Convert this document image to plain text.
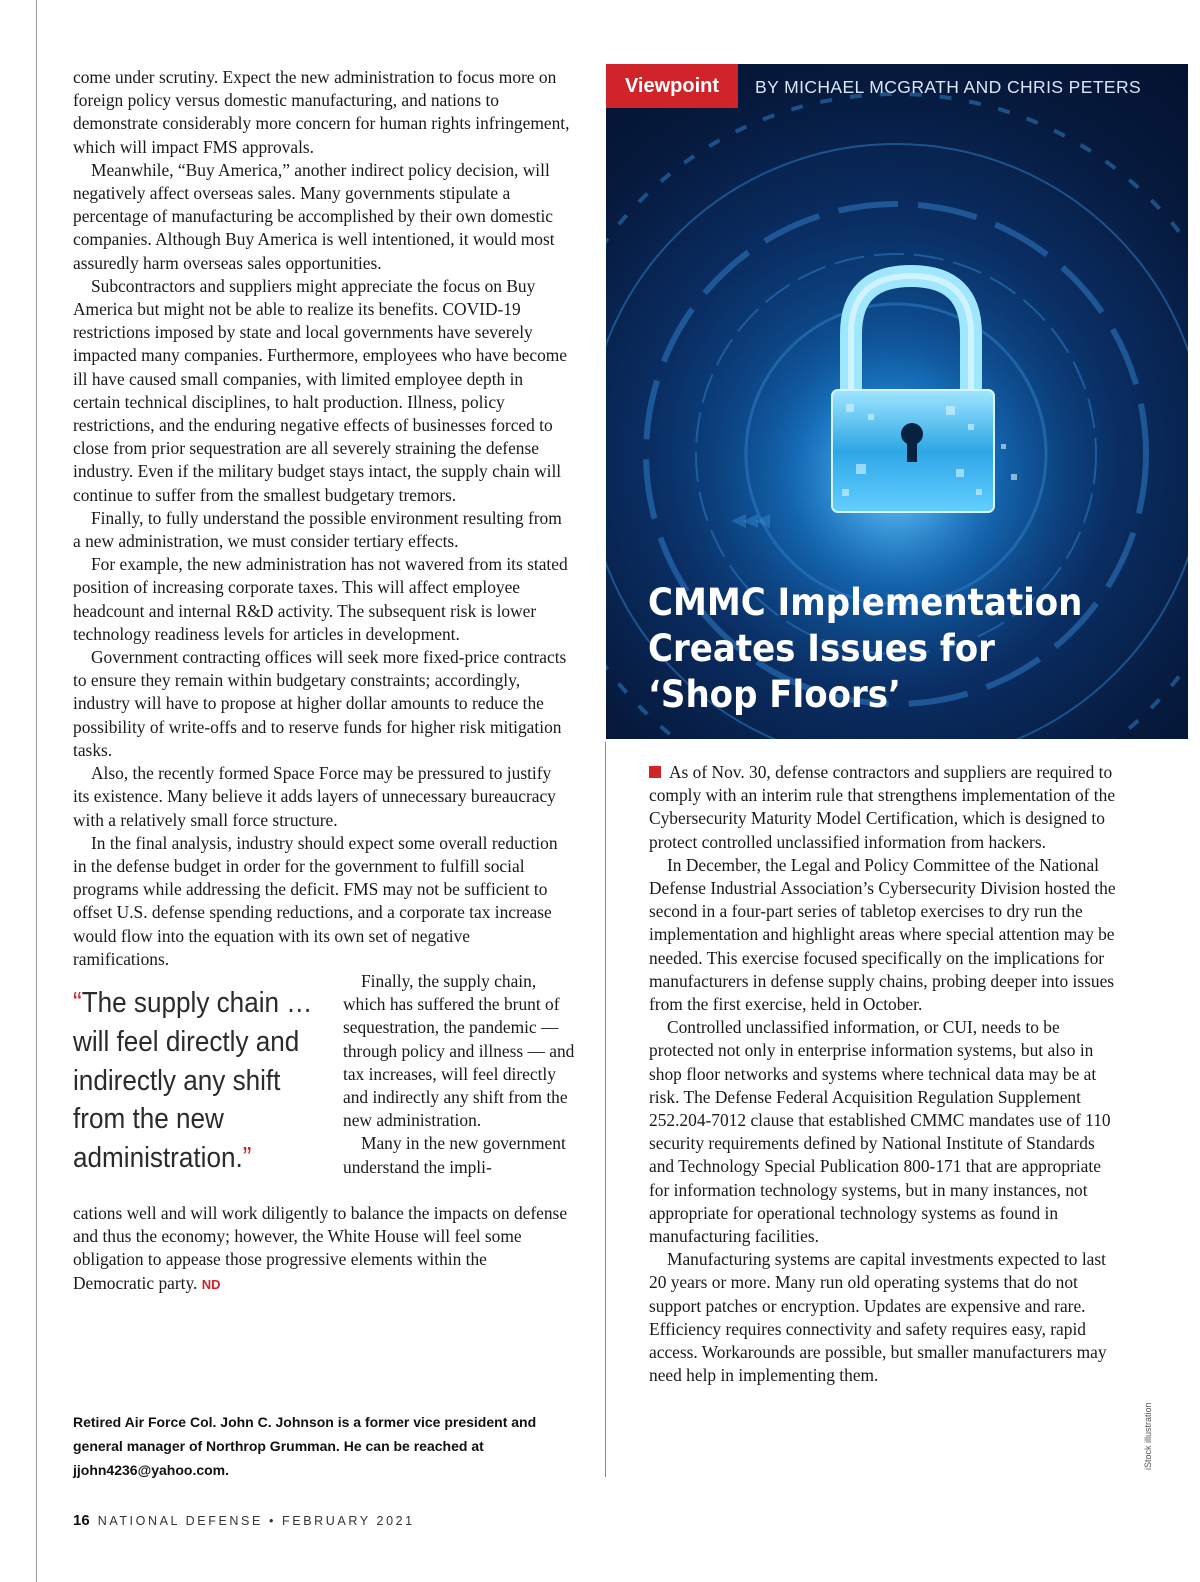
come under scrutiny. Expect the new administration to focus more on foreign policy versus domestic manufacturing, and nations to demonstrate considerably more concern for human rights infringement, which will impact FMS approvals.

Meanwhile, “Buy America,” another indirect policy decision, will negatively affect overseas sales. Many governments stipulate a percentage of manufacturing be accomplished by their own domestic companies. Although Buy America is well intentioned, it would most assuredly harm overseas sales opportunities.

Subcontractors and suppliers might appreciate the focus on Buy America but might not be able to realize its benefits. COVID-19 restrictions imposed by state and local governments have severely impacted many companies. Furthermore, employees who have become ill have caused small companies, with limited employee depth in certain technical disciplines, to halt production. Illness, policy restrictions, and the enduring negative effects of businesses forced to close from prior sequestration are all severely straining the defense industry. Even if the military budget stays intact, the supply chain will continue to suffer from the smallest budgetary tremors.

Finally, to fully understand the possible environment resulting from a new administration, we must consider tertiary effects.

For example, the new administration has not wavered from its stated position of increasing corporate taxes. This will affect employee headcount and internal R&D activity. The subsequent risk is lower technology readiness levels for articles in development.

Government contracting offices will seek more fixed-price contracts to ensure they remain within budgetary constraints; accordingly, industry will have to propose at higher dollar amounts to reduce the possibility of write-offs and to reserve funds for higher risk mitigation tasks.

Also, the recently formed Space Force may be pressured to justify its existence. Many believe it adds layers of unnecessary bureaucracy with a relatively small force structure.

In the final analysis, industry should expect some overall reduction in the defense budget in order for the government to fulfill social programs while addressing the deficit. FMS may not be sufficient to offset U.S. defense spending reductions, and a corporate tax increase would flow into the equation with its own set of negative ramifications.

“The supply chain … will feel directly and indirectly any shift from the new administration.”

Finally, the supply chain, which has suffered the brunt of sequestration, the pandemic — through policy and illness — and tax increases, will feel directly and indirectly any shift from the new administration.

Many in the new government understand the impli-

cations well and will work diligently to balance the impacts on defense and thus the economy; however, the White House will feel some obligation to appease those progressive elements within the Democratic party. ND

Retired Air Force Col. John C. Johnson is a former vice president and general manager of Northrop Grumman. He can be reached at jjohn4236@yahoo.com.
16 NATIONAL DEFENSE • FEBRUARY 2021
Viewpoint	BY MICHAEL MCGRATH AND CHRIS PETERS
CMMC Implementation
Creates Issues for
‘Shop Floors’

As of Nov. 30, defense contractors and suppliers are required to comply with an interim rule that strengthens implementation of the Cybersecurity Maturity Model Certification, which is designed to protect controlled unclassified information from hackers.

In December, the Legal and Policy Committee of the National Defense Industrial Association’s Cybersecurity Division hosted the second in a four-part series of tabletop exercises to dry run the implementation and highlight areas where special attention may be needed. This exercise focused specifically on the implications for manufacturers in defense supply chains, probing deeper into issues from the first exercise, held in October.

Controlled unclassified information, or CUI, needs to be protected not only in enterprise information systems, but also in shop floor networks and systems where technical data may be at risk. The Defense Federal Acquisition Regulation Supplement 252.204-7012 clause that established CMMC mandates use of 110 security requirements defined by National Institute of Standards and Technology Special Publication 800-171 that are appropriate for information technology systems, but in many instances, not appropriate for operational technology systems as found in manufacturing facilities.

Manufacturing systems are capital investments expected to last 20 years or more. Many run old operating systems that do not support patches or encryption. Updates are expensive and rare. Efficiency requires connectivity and safety requires easy, rapid access. Workarounds are possible, but smaller manufacturers may need help in implementing them.

iStock illustration
